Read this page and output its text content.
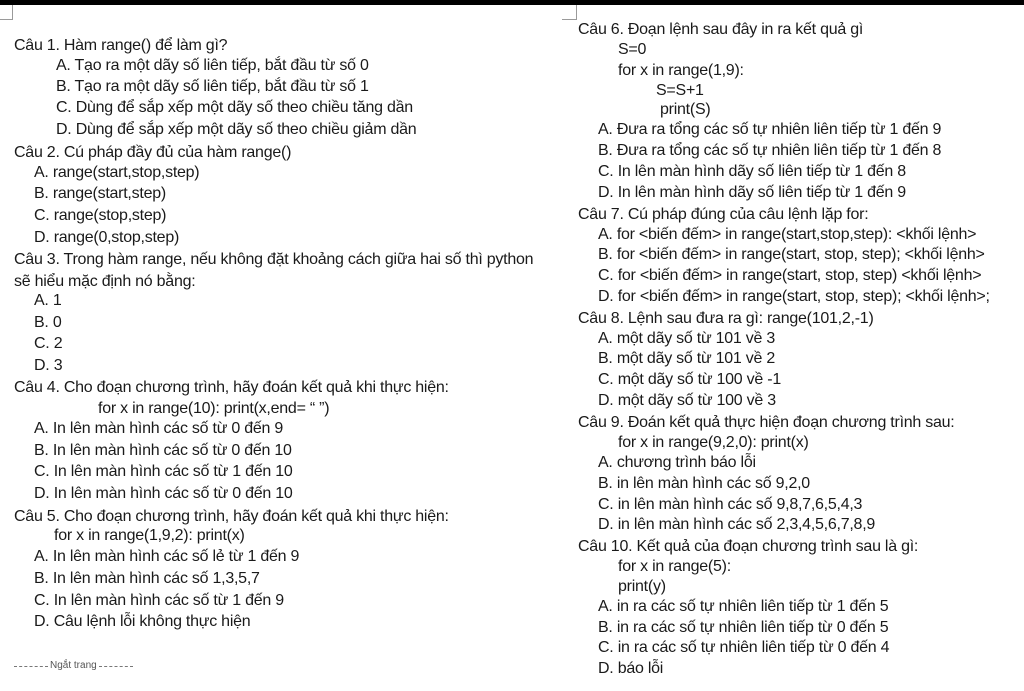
Câu 1. Hàm range() để làm gì?
A. Tạo ra một dãy số liên tiếp, bắt đầu từ số 0
B. Tạo ra một dãy số liên tiếp, bắt đầu từ số 1
C. Dùng để sắp xếp một dãy số theo chiều tăng dần
D. Dùng để sắp xếp một dãy số theo chiều giảm dần
Câu 2. Cú pháp đầy đủ của hàm range()
A. range(start,stop,step)
B. range(start,step)
C. range(stop,step)
D. range(0,stop,step)
Câu 3. Trong hàm range, nếu không đặt khoảng cách giữa hai số thì python
sẽ hiểu mặc định nó bằng:
A. 1
B. 0
C. 2
D. 3
Câu 4. Cho đoạn chương trình, hãy đoán kết quả khi thực hiện:
for x in range(10): print(x,end= “ ”)
A. In lên màn hình các số từ 0 đến 9
B. In lên màn hình các số từ 0 đến 10
C. In lên màn hình các số từ 1 đến 10
D. In lên màn hình các số từ 0 đến 10
Câu 5. Cho đoạn chương trình, hãy đoán kết quả khi thực hiện:
for x in range(1,9,2): print(x)
A. In lên màn hình các số lẻ từ 1 đến 9
B. In lên màn hình các số 1,3,5,7
C. In lên màn hình các số từ 1 đến 9
D. Câu lệnh lỗi không thực hiện
Câu 6. Đoạn lệnh sau đây in ra kết quả gì
S=0
for x in range(1,9):
S=S+1
print(S)
A. Đưa ra tổng các số tự nhiên liên tiếp từ 1 đến 9
B. Đưa ra tổng các số tự nhiên liên tiếp từ 1 đến 8
C. In lên màn hình dãy số liên tiếp từ 1 đến 8
D. In lên màn hình dãy số liên tiếp từ 1 đến 9
Câu 7. Cú pháp đúng của câu lệnh lặp for:
A. for <biến đếm> in range(start,stop,step): <khối lệnh>
B. for <biến đếm> in range(start, stop, step); <khối lệnh>
C. for <biến đếm> in range(start, stop, step) <khối lệnh>
D. for <biến đếm> in range(start, stop, step); <khối lệnh>;
Câu 8. Lệnh sau đưa ra gì: range(101,2,-1)
A. một dãy số từ 101 về 3
B. một dãy số từ 101 về 2
C. một dãy số từ 100 về -1
D. một dãy số từ 100 về 3
Câu 9. Đoán kết quả thực hiện đoạn chương trình sau:
for x in range(9,2,0): print(x)
A. chương trình báo lỗi
B. in lên màn hình các số 9,2,0
C. in lên màn hình các số 9,8,7,6,5,4,3
D. in lên màn hình các số 2,3,4,5,6,7,8,9
Câu 10. Kết quả của đoạn chương trình sau là gì:
for x in range(5):
print(y)
A. in ra các số tự nhiên liên tiếp từ 1 đến 5
B. in ra các số tự nhiên liên tiếp từ 0 đến 5
C. in ra các số tự nhiên liên tiếp từ 0 đến 4
D. báo lỗi
Ngắt trang
